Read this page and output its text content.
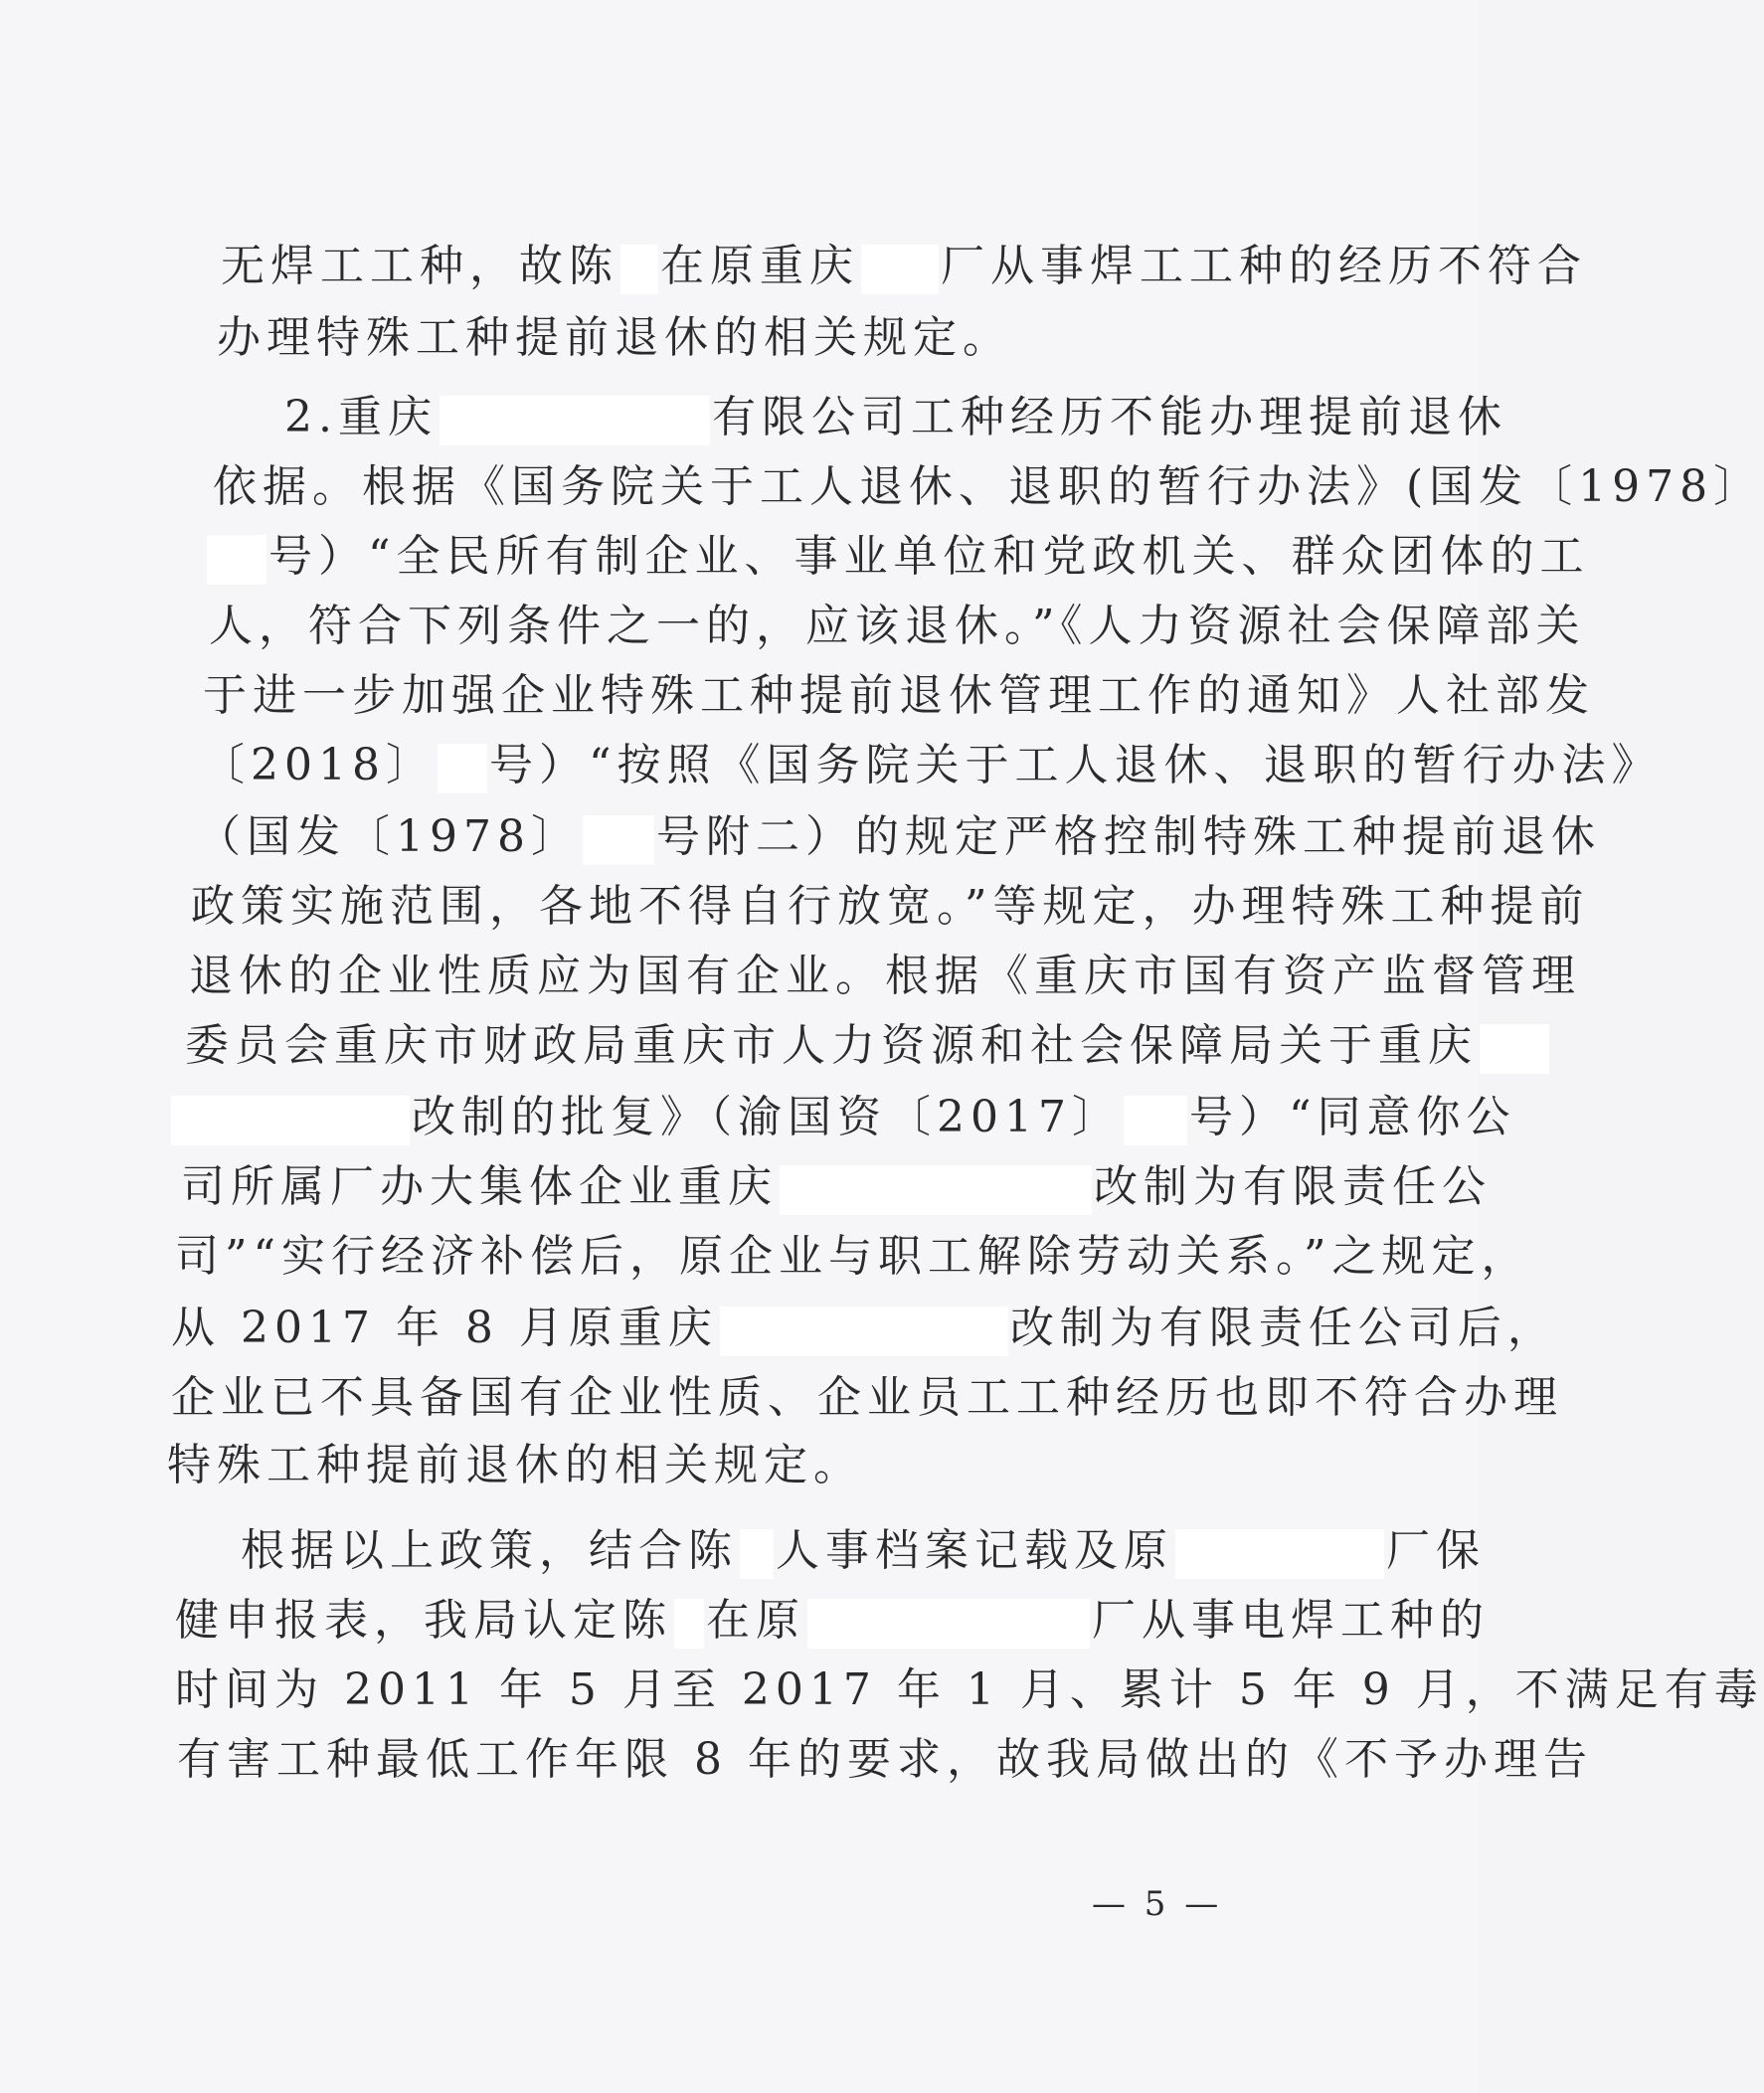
无焊工工种，故陈 在原重庆 厂从事焊工工种的经历不符合
办理特殊工种提前退休的相关规定。
2.重庆	有限公司工种经历不能办理提前退休
依据。根据《国务院关于工人退休、退职的暂行办法》(国发〔1978〕
号）“全民所有制企业、事业单位和党政机关、群众团体的工
人，符合下列条件之一的，应该退休。”《人力资源社会保障部关
于进一步加强企业特殊工种提前退休管理工作的通知》人社部发
〔2018〕 号）“按照《国务院关于工人退休、退职的暂行办法》
（国发〔1978〕 号附二）的规定严格控制特殊工种提前退休
政策实施范围，各地不得自行放宽。”等规定，办理特殊工种提前
退休的企业性质应为国有企业。根据《重庆市国有资产监督管理
委员会重庆市财政局重庆市人力资源和社会保障局关于重庆
改制的批复》（渝国资〔2017〕 号）“同意你公
司所属厂办大集体企业重庆	改制为有限责任公
司”“实行经济补偿后，原企业与职工解除劳动关系。”之规定，
从 2017 年 8 月原重庆	改制为有限责任公司后，
企业已不具备国有企业性质、企业员工工种经历也即不符合办理
特殊工种提前退休的相关规定。
根据以上政策，结合陈 人事档案记载及原	厂保
健申报表，我局认定陈 在原	厂从事电焊工种的
时间为 2011 年 5 月至 2017 年 1 月、累计 5 年 9 月，不满足有毒
有害工种最低工作年限 8 年的要求，故我局做出的《不予办理告
— 5 —
